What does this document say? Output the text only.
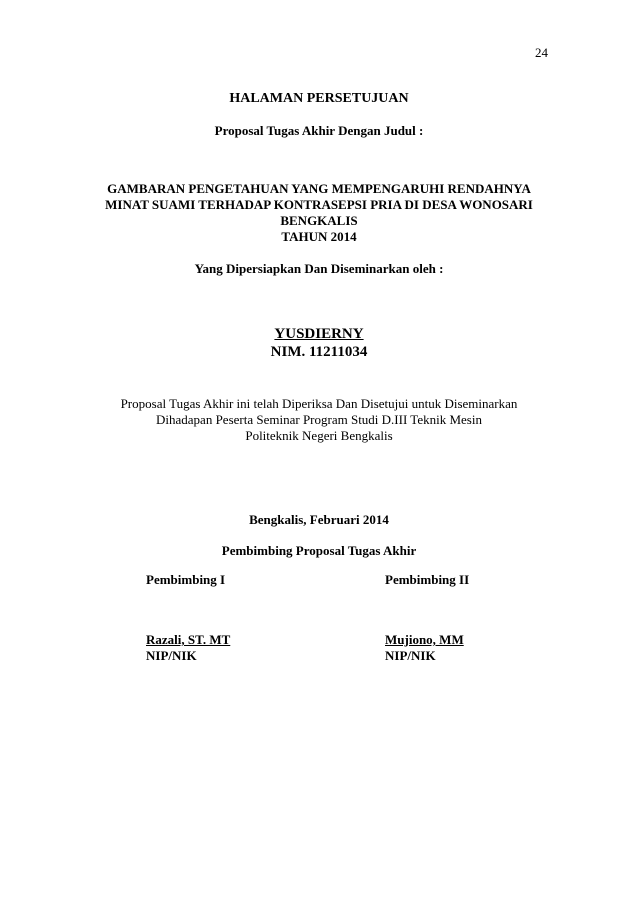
24
HALAMAN PERSETUJUAN
Proposal Tugas Akhir Dengan Judul :
GAMBARAN PENGETAHUAN YANG MEMPENGARUHI RENDAHNYA
MINAT SUAMI TERHADAP KONTRASEPSI PRIA DI DESA WONOSARI
BENGKALIS
TAHUN 2014
Yang Dipersiapkan Dan Diseminarkan oleh :
YUSDIERNY
NIM. 11211034
Proposal Tugas Akhir ini telah Diperiksa Dan Disetujui untuk Diseminarkan
Dihadapan Peserta Seminar Program Studi D.III Teknik Mesin
Politeknik Negeri Bengkalis
Bengkalis, Februari 2014
Pembimbing Proposal Tugas Akhir
Pembimbing I	Pembimbing II
Razali, ST. MT	Mujiono, MM
NIP/NIK	NIP/NIK
